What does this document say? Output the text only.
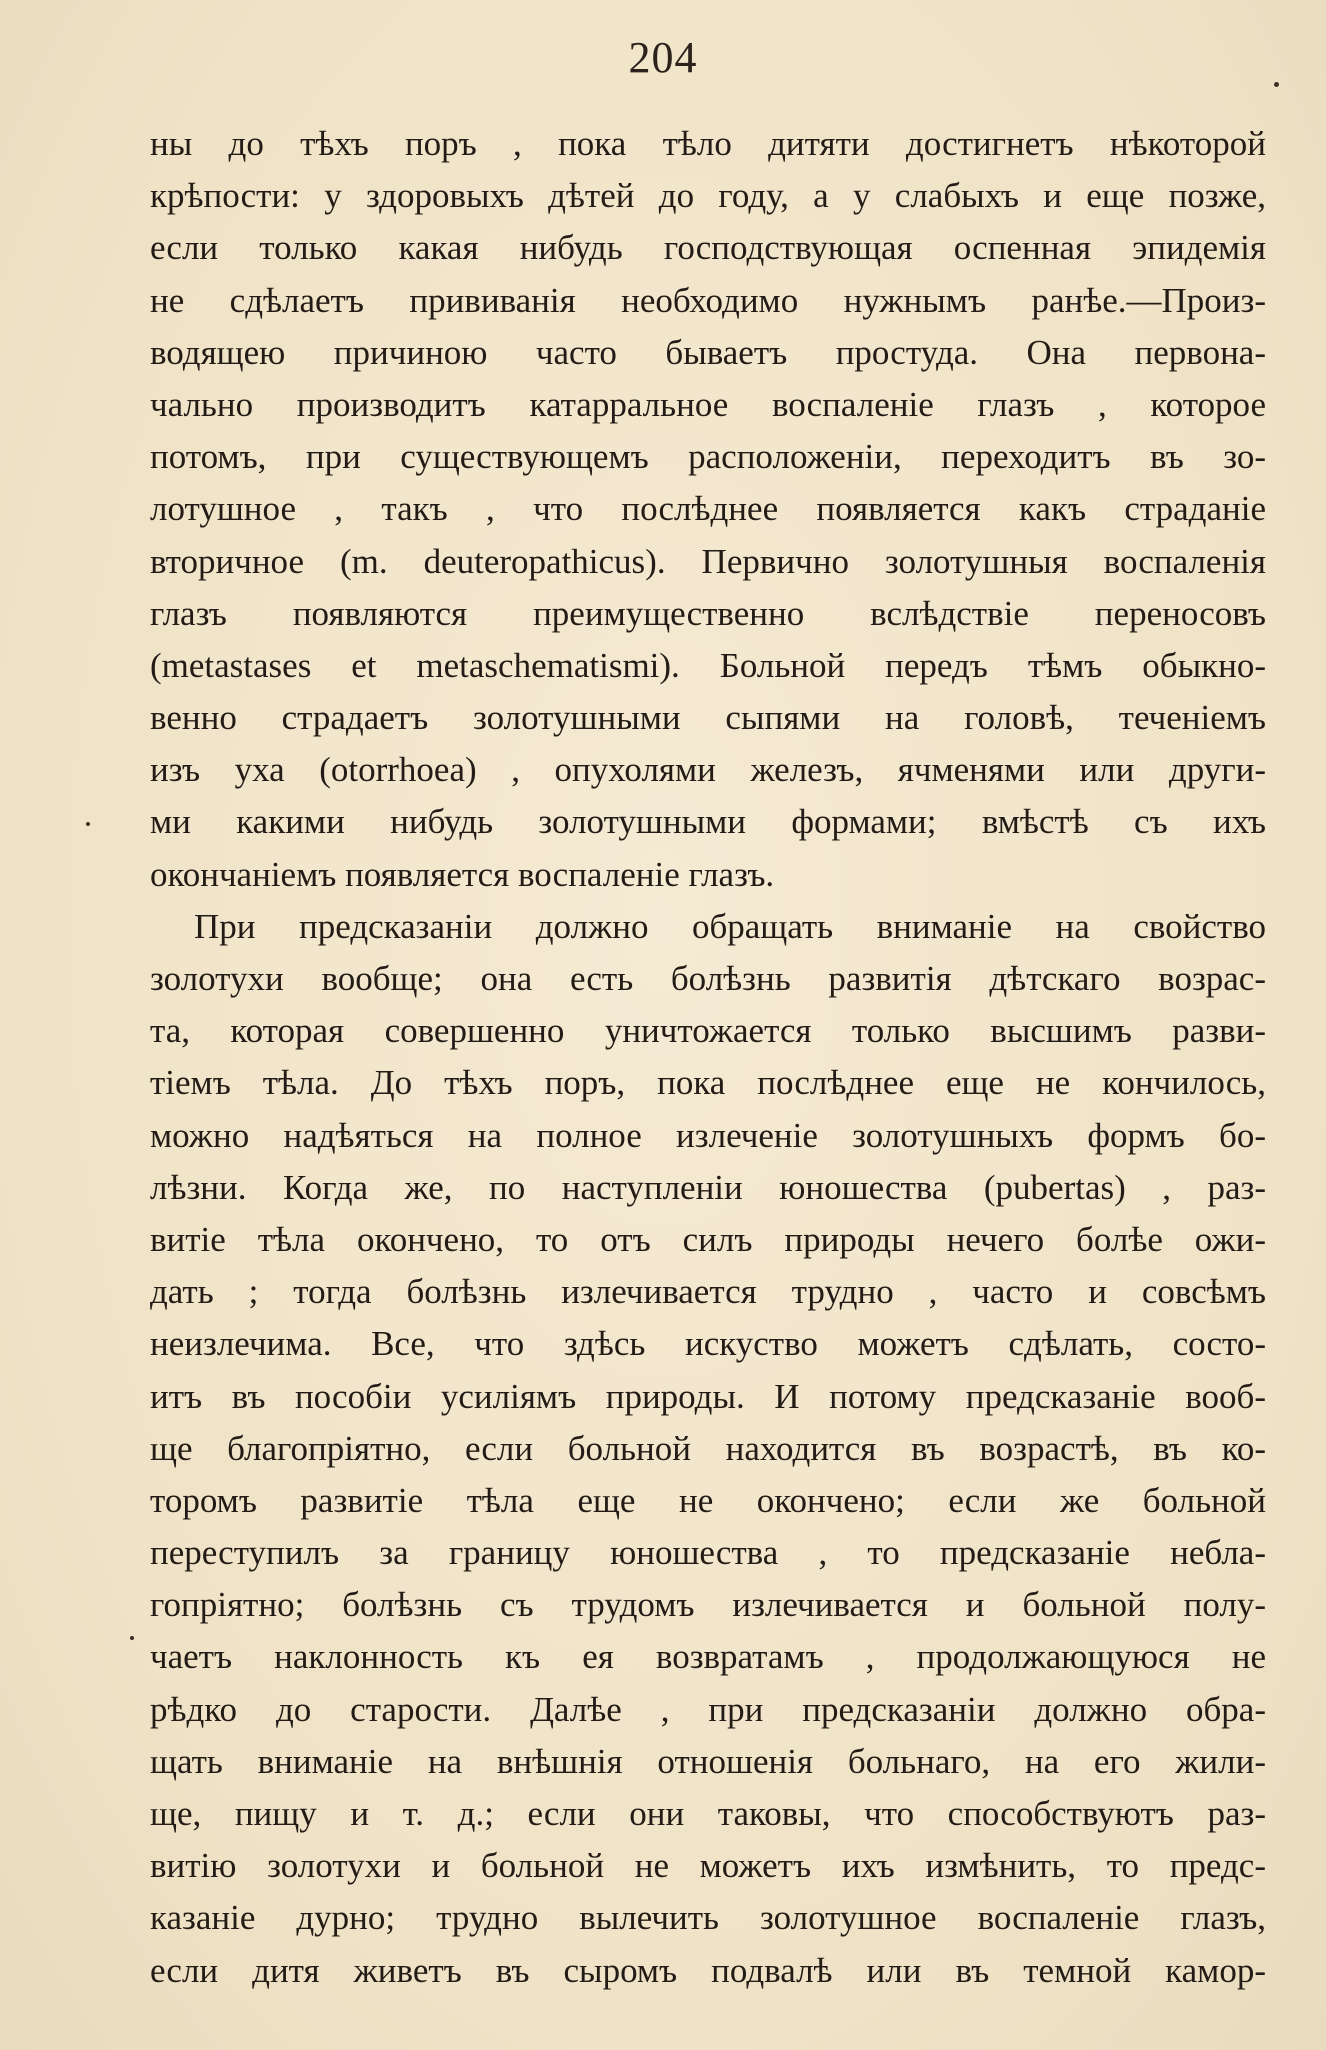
204
ны до тѣхъ поръ , пока тѣло дитяти достигнетъ нѣкоторой
крѣпости: у здоровыхъ дѣтей до году, а у слабыхъ и еще позже,
если только какая нибудь господствующая оспенная эпидемія
не сдѣлаетъ прививанія необходимо нужнымъ ранѣе.—Произ-
водящею причиною часто бываетъ простуда. Она первона-
чально производитъ катарральное воспаленіе глазъ , которое
потомъ, при существующемъ расположеніи, переходитъ въ зо-
лотушное , такъ , что послѣднее появляется какъ страданіе
вторичное (m. deuteropathicus). Первично золотушныя воспаленія
глазъ появляются преимущественно вслѣдствіе переносовъ
(metastases et metaschematismi). Больной передъ тѣмъ обыкно-
венно страдаетъ золотушными сыпями на головѣ, теченіемъ
изъ уха (otorrhoea) , опухолями железъ, ячменями или други-
ми какими нибудь золотушными формами; вмѣстѣ съ ихъ
окончаніемъ появляется воспаленіе глазъ.
При предсказаніи должно обращать вниманіе на свойство
золотухи вообще; она есть болѣзнь развитія дѣтскаго возрас-
та, которая совершенно уничтожается только высшимъ разви-
тіемъ тѣла. До тѣхъ поръ, пока послѣднее еще не кончилось,
можно надѣяться на полное излеченіе золотушныхъ формъ бо-
лѣзни. Когда же, по наступленіи юношества (pubertas) , раз-
витіе тѣла окончено, то отъ силъ природы нечего болѣе ожи-
дать ; тогда болѣзнь излечивается трудно , часто и совсѣмъ
неизлечима. Все, что здѣсь искуство можетъ сдѣлать, состо-
итъ въ пособіи усиліямъ природы. И потому предсказаніе вооб-
ще благопріятно, если больной находится въ возрастѣ, въ ко-
торомъ развитіе тѣла еще не окончено; если же больной
переступилъ за границу юношества , то предсказаніе небла-
гопріятно; болѣзнь съ трудомъ излечивается и больной полу-
чаетъ наклонность къ ея возвратамъ , продолжающуюся не
рѣдко до старости. Далѣе , при предсказаніи должно обра-
щать вниманіе на внѣшнія отношенія больнаго, на его жили-
ще, пищу и т. д.; если они таковы, что способствуютъ раз-
витію золотухи и больной не можетъ ихъ измѣнить, то предс-
казаніе дурно; трудно вылечить золотушное воспаленіе глазъ,
если дитя живетъ въ сыромъ подвалѣ или въ темной камор-
